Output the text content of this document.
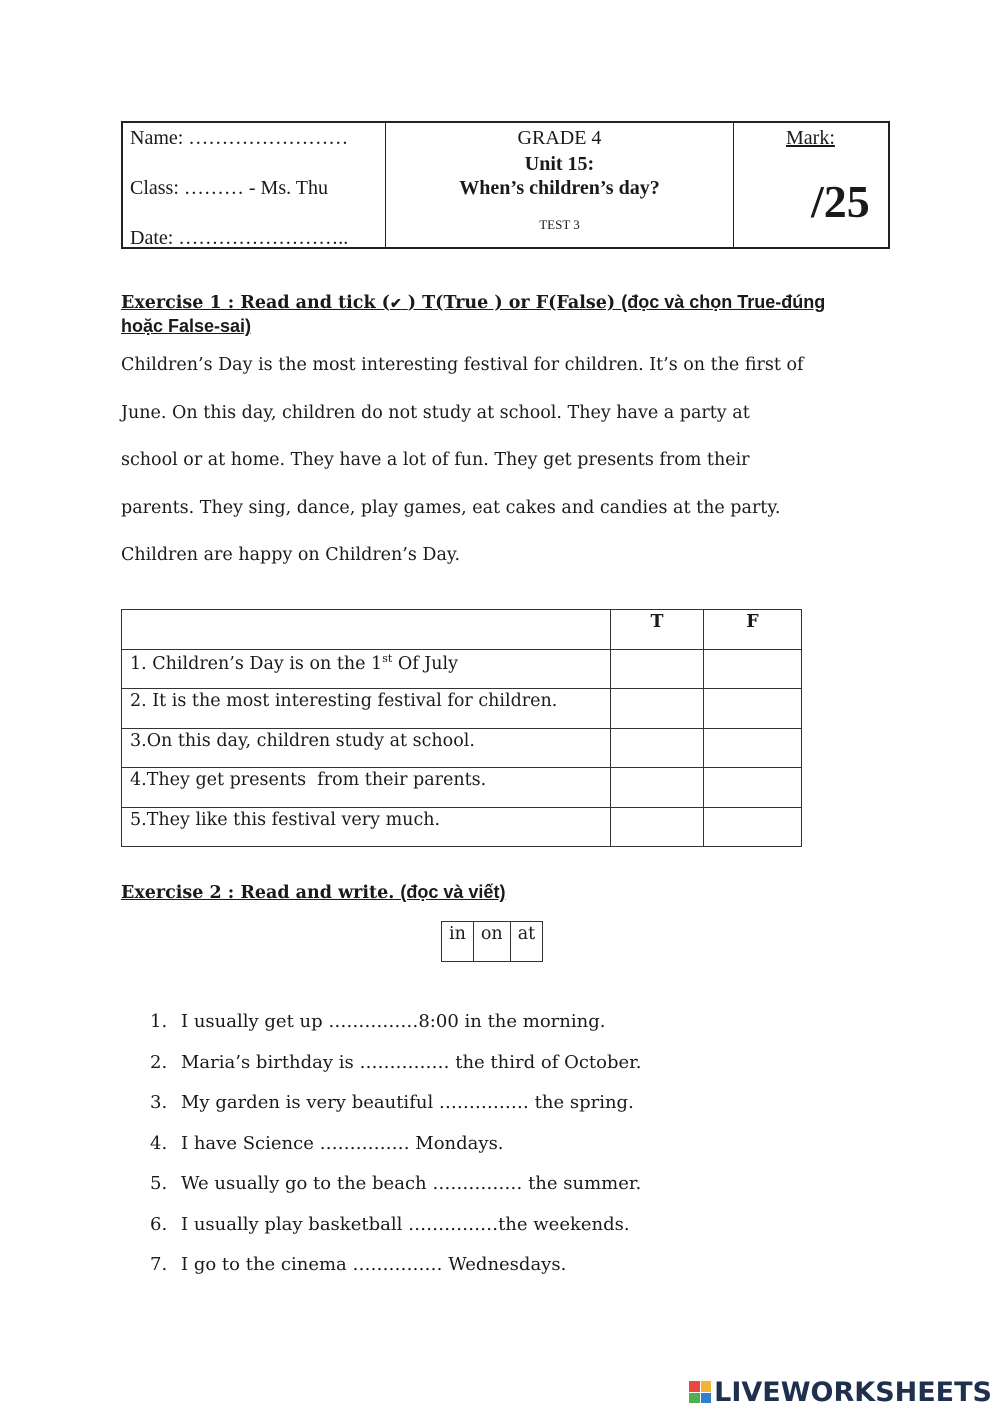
Name: ……………………
Class: ……… - Ms. Thu
Date: ……………………..
GRADE 4
Unit 15:
When’s children’s day?
TEST 3
Mark:
/25
Exercise 1 : Read and tick (✔ ) T(True ) or F(False) (đọc và chọn True-đúng
hoặc False-sai)
Children’s Day is the most interesting festival for children. It’s on the first of
June. On this day, children do not study at school. They have a party at
school or at home. They have a lot of fun. They get presents from their
parents. They sing, dance, play games, eat cakes and candies at the party.
Children are happy on Children’s Day.
	T	F
1. Children’s Day is on the 1st Of July		
2. It is the most interesting festival for children.		
3.On this day, children study at school.		
4.They get presents  from their parents.		
5.They like this festival very much.		
Exercise 2 : Read and write. (đọc và viết)
in	on	at
1. I usually get up ……………8:00 in the morning.
2. Maria’s birthday is …………… the third of October.
3. My garden is very beautiful …………… the spring.
4. I have Science …………… Mondays.
5. We usually go to the beach …………… the summer.
6. I usually play basketball ……………the weekends.
7. I go to the cinema …………… Wednesdays.
LIVEWORKSHEETS
